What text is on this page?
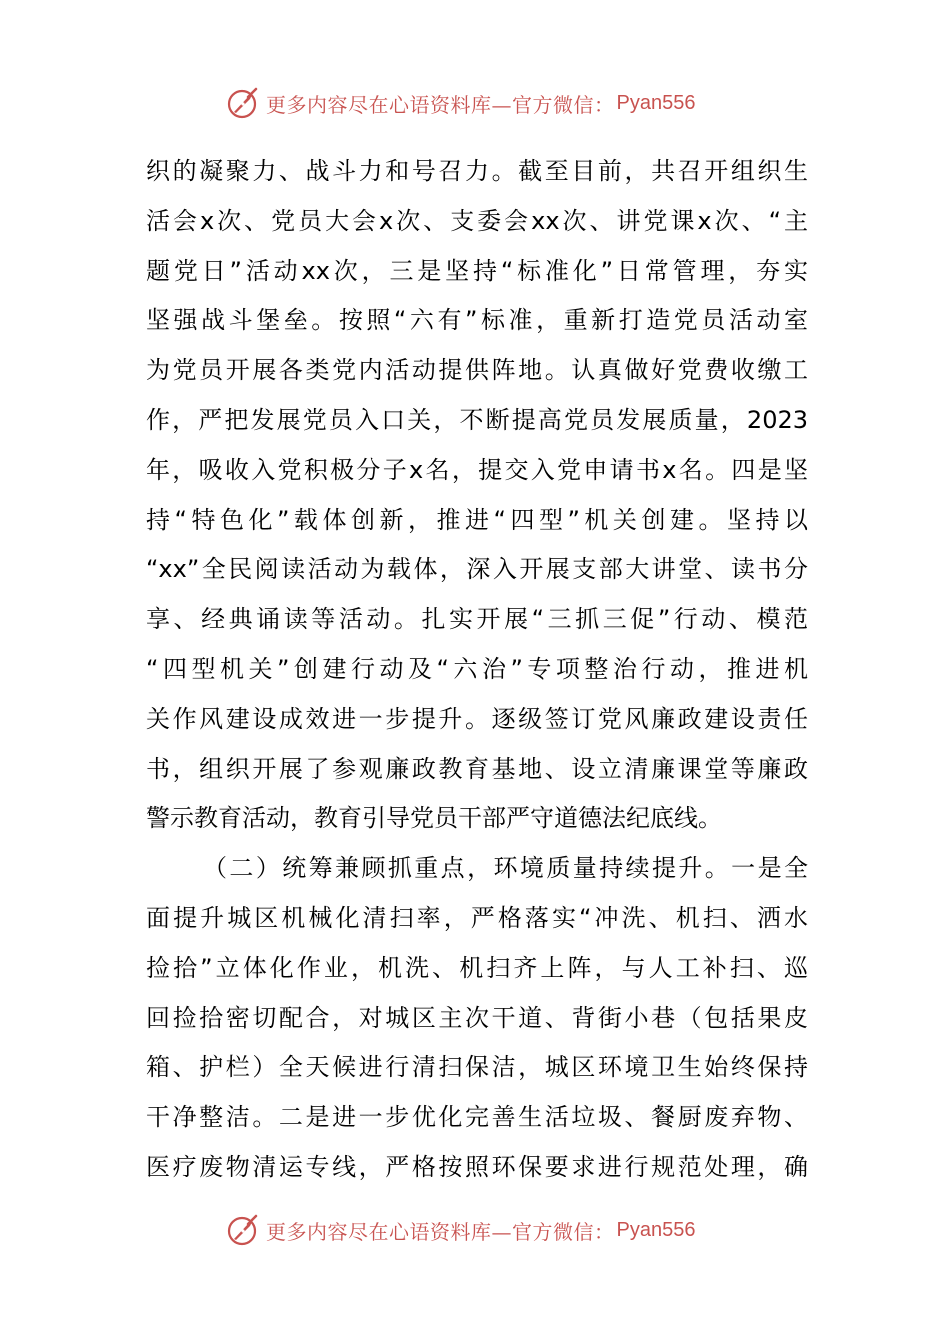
更多内容尽在心语资料库—官方微信： Pyan556
织的凝聚力、战斗力和号召力。截至目前，共召开组织生
活会x次、党员大会x次、支委会xx次、讲党课x次、“主
题党日”活动xx次，三是坚持“标准化”日常管理，夯实
坚强战斗堡垒。按照“六有”标准，重新打造党员活动室
为党员开展各类党内活动提供阵地。认真做好党费收缴工
作，严把发展党员入口关，不断提高党员发展质量，2023
年，吸收入党积极分子x名，提交入党申请书x名。四是坚
持“特色化”载体创新，推进“四型”机关创建。坚持以
“xx”全民阅读活动为载体，深入开展支部大讲堂、读书分
享、经典诵读等活动。扎实开展“三抓三促”行动、模范
“四型机关”创建行动及“六治”专项整治行动，推进机
关作风建设成效进一步提升。逐级签订党风廉政建设责任
书，组织开展了参观廉政教育基地、设立清廉课堂等廉政
警示教育活动，教育引导党员干部严守道德法纪底线。
（二）统筹兼顾抓重点，环境质量持续提升。一是全
面提升城区机械化清扫率，严格落实“冲洗、机扫、洒水
捡拾”立体化作业，机洗、机扫齐上阵，与人工补扫、巡
回捡拾密切配合，对城区主次干道、背街小巷（包括果皮
箱、护栏）全天候进行清扫保洁，城区环境卫生始终保持
干净整洁。二是进一步优化完善生活垃圾、餐厨废弃物、
医疗废物清运专线，严格按照环保要求进行规范处理，确
更多内容尽在心语资料库—官方微信： Pyan556
